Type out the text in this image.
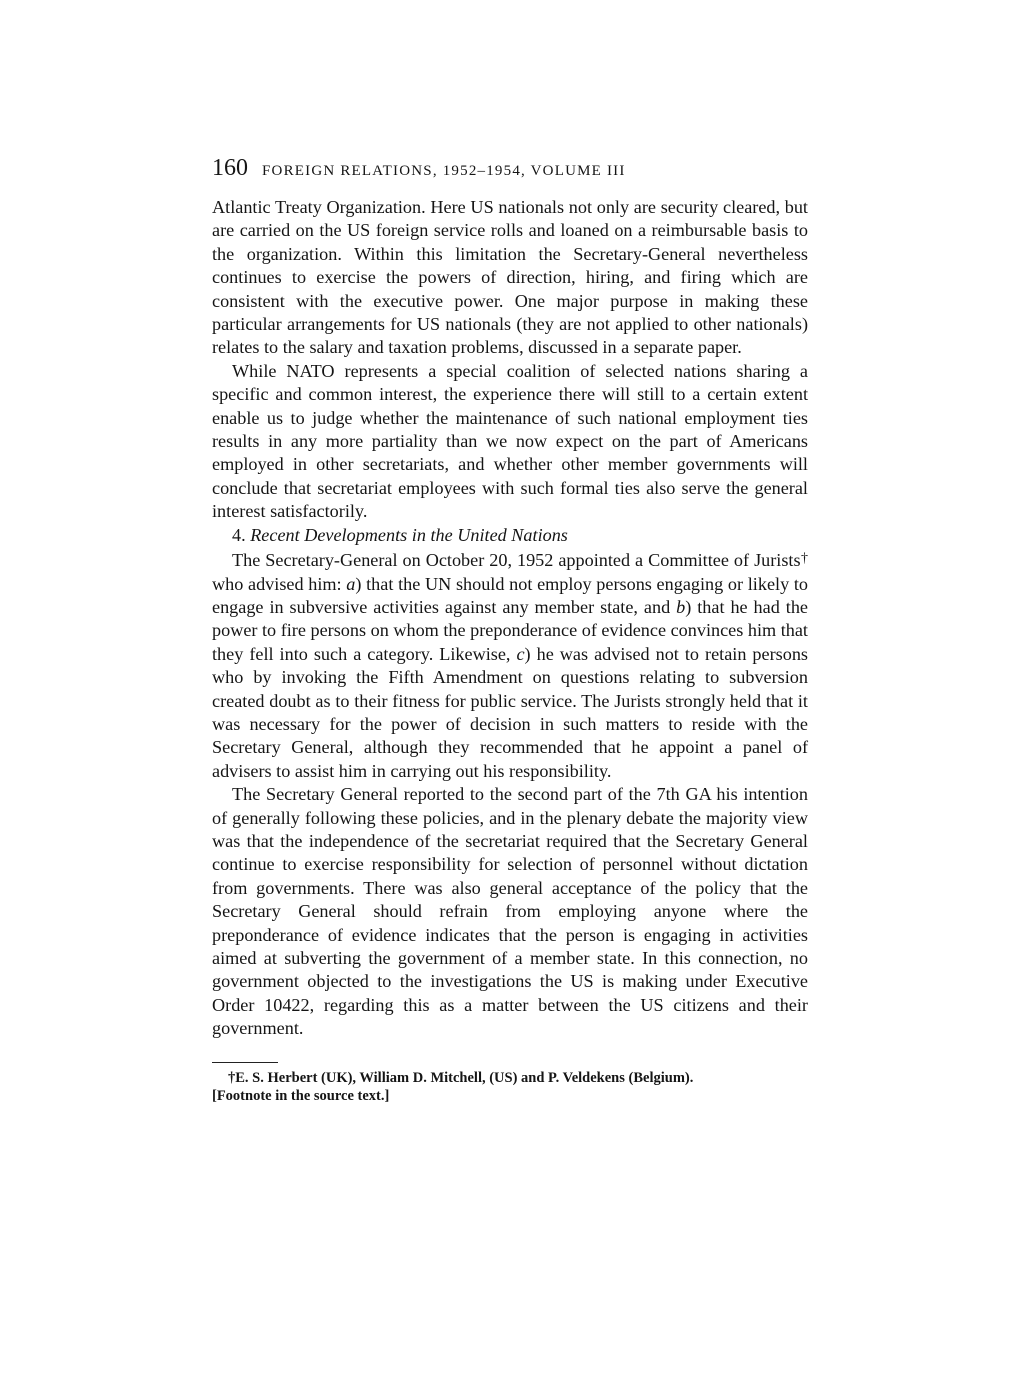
160 FOREIGN RELATIONS, 1952–1954, VOLUME III

Atlantic Treaty Organization. Here US nationals not only are security cleared, but are carried on the US foreign service rolls and loaned on a reimbursable basis to the organization. Within this limitation the Secretary-General nevertheless continues to exercise the powers of direction, hiring, and firing which are consistent with the executive power. One major purpose in making these particular arrangements for US nationals (they are not applied to other nationals) relates to the salary and taxation problems, discussed in a separate paper.

While NATO represents a special coalition of selected nations sharing a specific and common interest, the experience there will still to a certain extent enable us to judge whether the maintenance of such national employment ties results in any more partiality than we now expect on the part of Americans employed in other secretariats, and whether other member governments will conclude that secretariat employees with such formal ties also serve the general interest satisfactorily.

4. Recent Developments in the United Nations

The Secretary-General on October 20, 1952 appointed a Committee of Jurists† who advised him: a) that the UN should not employ persons engaging or likely to engage in subversive activities against any member state, and b) that he had the power to fire persons on whom the preponderance of evidence convinces him that they fell into such a category. Likewise, c) he was advised not to retain persons who by invoking the Fifth Amendment on questions relating to subversion created doubt as to their fitness for public service. The Jurists strongly held that it was necessary for the power of decision in such matters to reside with the Secretary General, although they recommended that he appoint a panel of advisers to assist him in carrying out his responsibility.

The Secretary General reported to the second part of the 7th GA his intention of generally following these policies, and in the plenary debate the majority view was that the independence of the secretariat required that the Secretary General continue to exercise responsibility for selection of personnel without dictation from governments. There was also general acceptance of the policy that the Secretary General should refrain from employing anyone where the preponderance of evidence indicates that the person is engaging in activities aimed at subverting the government of a member state. In this connection, no government objected to the investigations the US is making under Executive Order 10422, regarding this as a matter between the US citizens and their government.

†E. S. Herbert (UK), William D. Mitchell, (US) and P. Veldekens (Belgium).
[Footnote in the source text.]
